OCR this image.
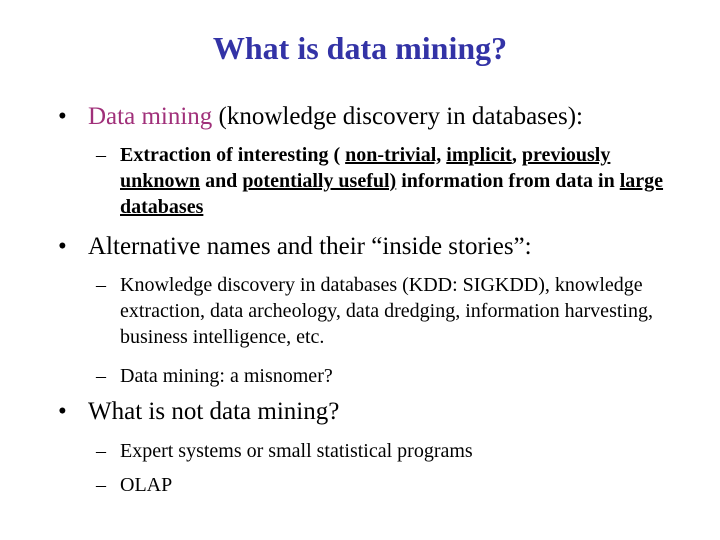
What is data mining?
• Data mining (knowledge discovery in databases):
– Extraction of interesting ( non-trivial, implicit, previously unknown and potentially useful) information from data in large databases
• Alternative names and their “inside stories”:
– Knowledge discovery in databases (KDD: SIGKDD), knowledge extraction, data archeology, data dredging, information harvesting, business intelligence, etc.
– Data mining: a misnomer?
• What is not data mining?
– Expert systems or small statistical programs
– OLAP
